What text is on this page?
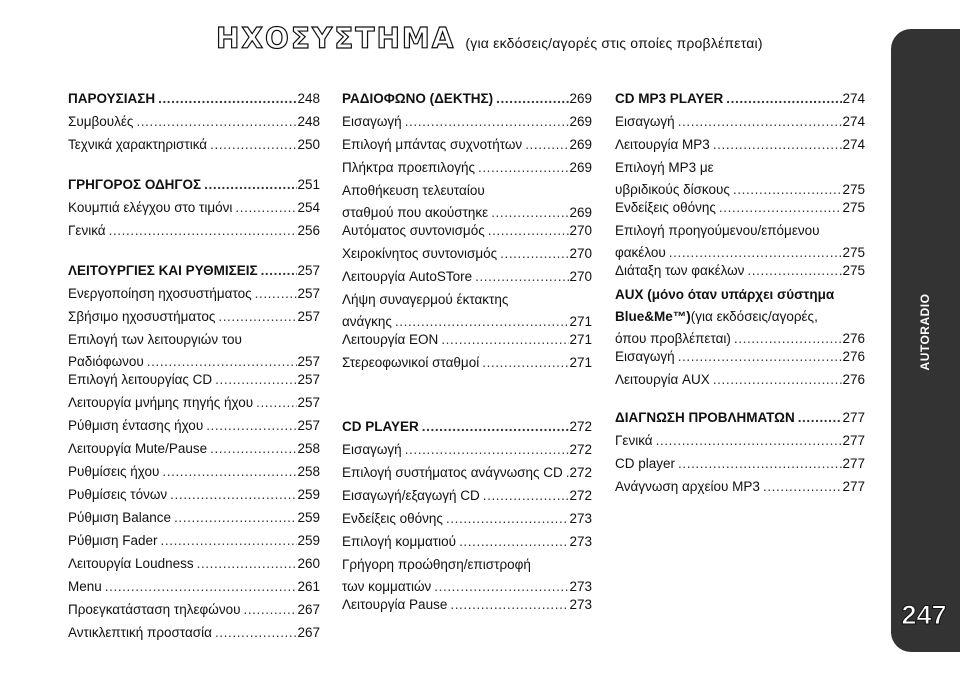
ΗΧΟΣΥΣΤΗΜΑ (για εκδόσεις/αγορές στις οποίες προβλέπεται)
ΠΑΡΟΥΣΙΑΣΗ .....	248
Συμβουλές .....	248
Τεχνικά χαρακτηριστικά .....	250
ΓΡΗΓΟΡΟΣ ΟΔΗΓΟΣ .....	251
Κουμπιά ελέγχου στο τιμόνι .....	254
Γενικά .....	256
ΛΕΙΤΟΥΡΓΙΕΣ ΚΑΙ ΡΥΘΜΙΣΕΙΣ .....	257
Ενεργοποίηση ηχοσυστήματος .....	257
Σβήσιμο ηχοσυστήματος .....	257
Επιλογή των λειτουργιών του
Ραδιόφωνου .....	257
Επιλογή λειτουργίας CD .....	257
Λειτουργία μνήμης πηγής ήχου .....	257
Ρύθμιση έντασης ήχου .....	257
Λειτουργία Mute/Pause .....	258
Ρυθμίσεις ήχου .....	258
Ρυθμίσεις τόνων .....	259
Ρύθμιση Balance .....	259
Ρύθμιση Fader .....	259
Λειτουργία Loudness .....	260
Menu .....	261
Προεγκατάσταση τηλεφώνου .....	267
Αντικλεπτική προστασία .....	267
ΡΑΔΙΟΦΩΝΟ (ΔΕΚΤΗΣ) .....	269
Εισαγωγή .....	269
Επιλογή μπάντας συχνοτήτων .....	269
Πλήκτρα προεπιλογής .....	269
Αποθήκευση τελευταίου
σταθμού που ακούστηκε .....	269
Αυτόματος συντονισμός .....	270
Χειροκίνητος συντονισμός .....	270
Λειτουργία AutoSTore .....	270
Λήψη συναγερμού έκτακτης
ανάγκης .....	271
Λειτουργία EON .....	271
Στερεοφωνικοί σταθμοί .....	271
CD PLAYER .....	272
Εισαγωγή .....	272
Επιλογή συστήματος ανάγνωσης CD ..... 272
Εισαγωγή/εξαγωγή CD .....	272
Ενδείξεις οθόνης .....	273
Επιλογή κομματιού .....	273
Γρήγορη προώθηση/επιστροφή
των κομματιών .....	273
Λειτουργία Pause .....	273
CD MP3 PLAYER .....	274
Εισαγωγή .....	274
Λειτουργία MP3 .....	274
Επιλογή MP3 με
υβριδικούς δίσκους .....	275
Ενδείξεις οθόνης .....	275
Επιλογή προηγούμενου/επόμενου
φακέλου .....	275
Διάταξη των φακέλων .....	275
AUX (μόνο όταν υπάρχει σύστημα
Blue&Me™) (για εκδόσεις/αγορές,
όπου προβλέπεται) .....	276
Εισαγωγή .....	276
Λειτουργία AUX .....	276
ΔΙΑΓΝΩΣΗ ΠΡΟΒΛΗΜΑΤΩΝ .....	277
Γενικά .....	277
CD player .....	277
Ανάγνωση αρχείου MP3 .....	277
AUTORADIO
247
